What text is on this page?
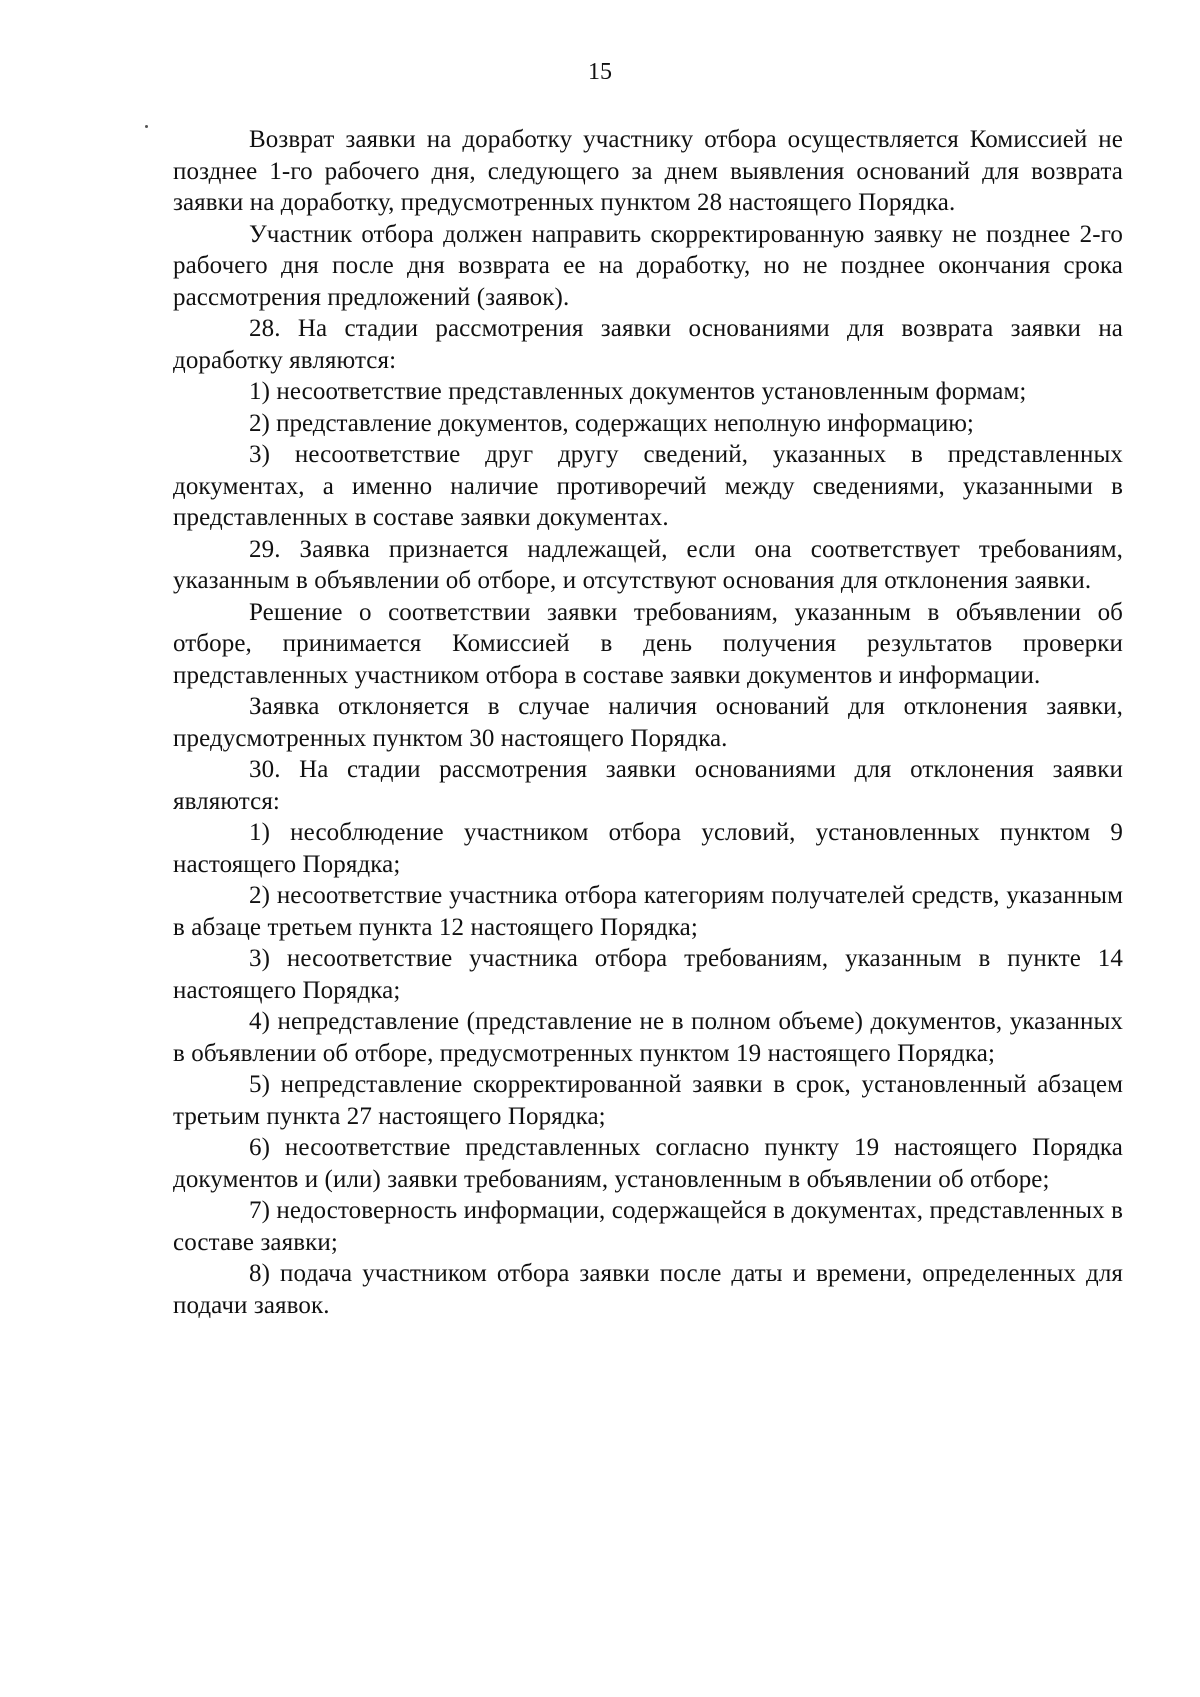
15

Возврат заявки на доработку участнику отбора осуществляется Комиссией не позднее 1-го рабочего дня, следующего за днем выявления оснований для возврата заявки на доработку, предусмотренных пунктом 28 настоящего Порядка.

Участник отбора должен направить скорректированную заявку не позднее 2-го рабочего дня после дня возврата ее на доработку, но не позднее окончания срока рассмотрения предложений (заявок).

28. На стадии рассмотрения заявки основаниями для возврата заявки на доработку являются:

1) несоответствие представленных документов установленным формам;

2) представление документов, содержащих неполную информацию;

3) несоответствие друг другу сведений, указанных в представленных документах, а именно наличие противоречий между сведениями, указанными в представленных в составе заявки документах.

29. Заявка признается надлежащей, если она соответствует требованиям, указанным в объявлении об отборе, и отсутствуют основания для отклонения заявки.

Решение о соответствии заявки требованиям, указанным в объявлении об отборе, принимается Комиссией в день получения результатов проверки представленных участником отбора в составе заявки документов и информации.

Заявка отклоняется в случае наличия оснований для отклонения заявки, предусмотренных пунктом 30 настоящего Порядка.

30. На стадии рассмотрения заявки основаниями для отклонения заявки являются:

1) несоблюдение участником отбора условий, установленных пунктом 9 настоящего Порядка;

2) несоответствие участника отбора категориям получателей средств, указанным в абзаце третьем пункта 12 настоящего Порядка;

3) несоответствие участника отбора требованиям, указанным в пункте 14 настоящего Порядка;

4) непредставление (представление не в полном объеме) документов, указанных в объявлении об отборе, предусмотренных пунктом 19 настоящего Порядка;

5) непредставление скорректированной заявки в срок, установленный абзацем третьим пункта 27 настоящего Порядка;

6) несоответствие представленных согласно пункту 19 настоящего Порядка документов и (или) заявки требованиям, установленным в объявлении об отборе;

7) недостоверность информации, содержащейся в документах, представленных в составе заявки;

8) подача участником отбора заявки после даты и времени, определенных для подачи заявок.
